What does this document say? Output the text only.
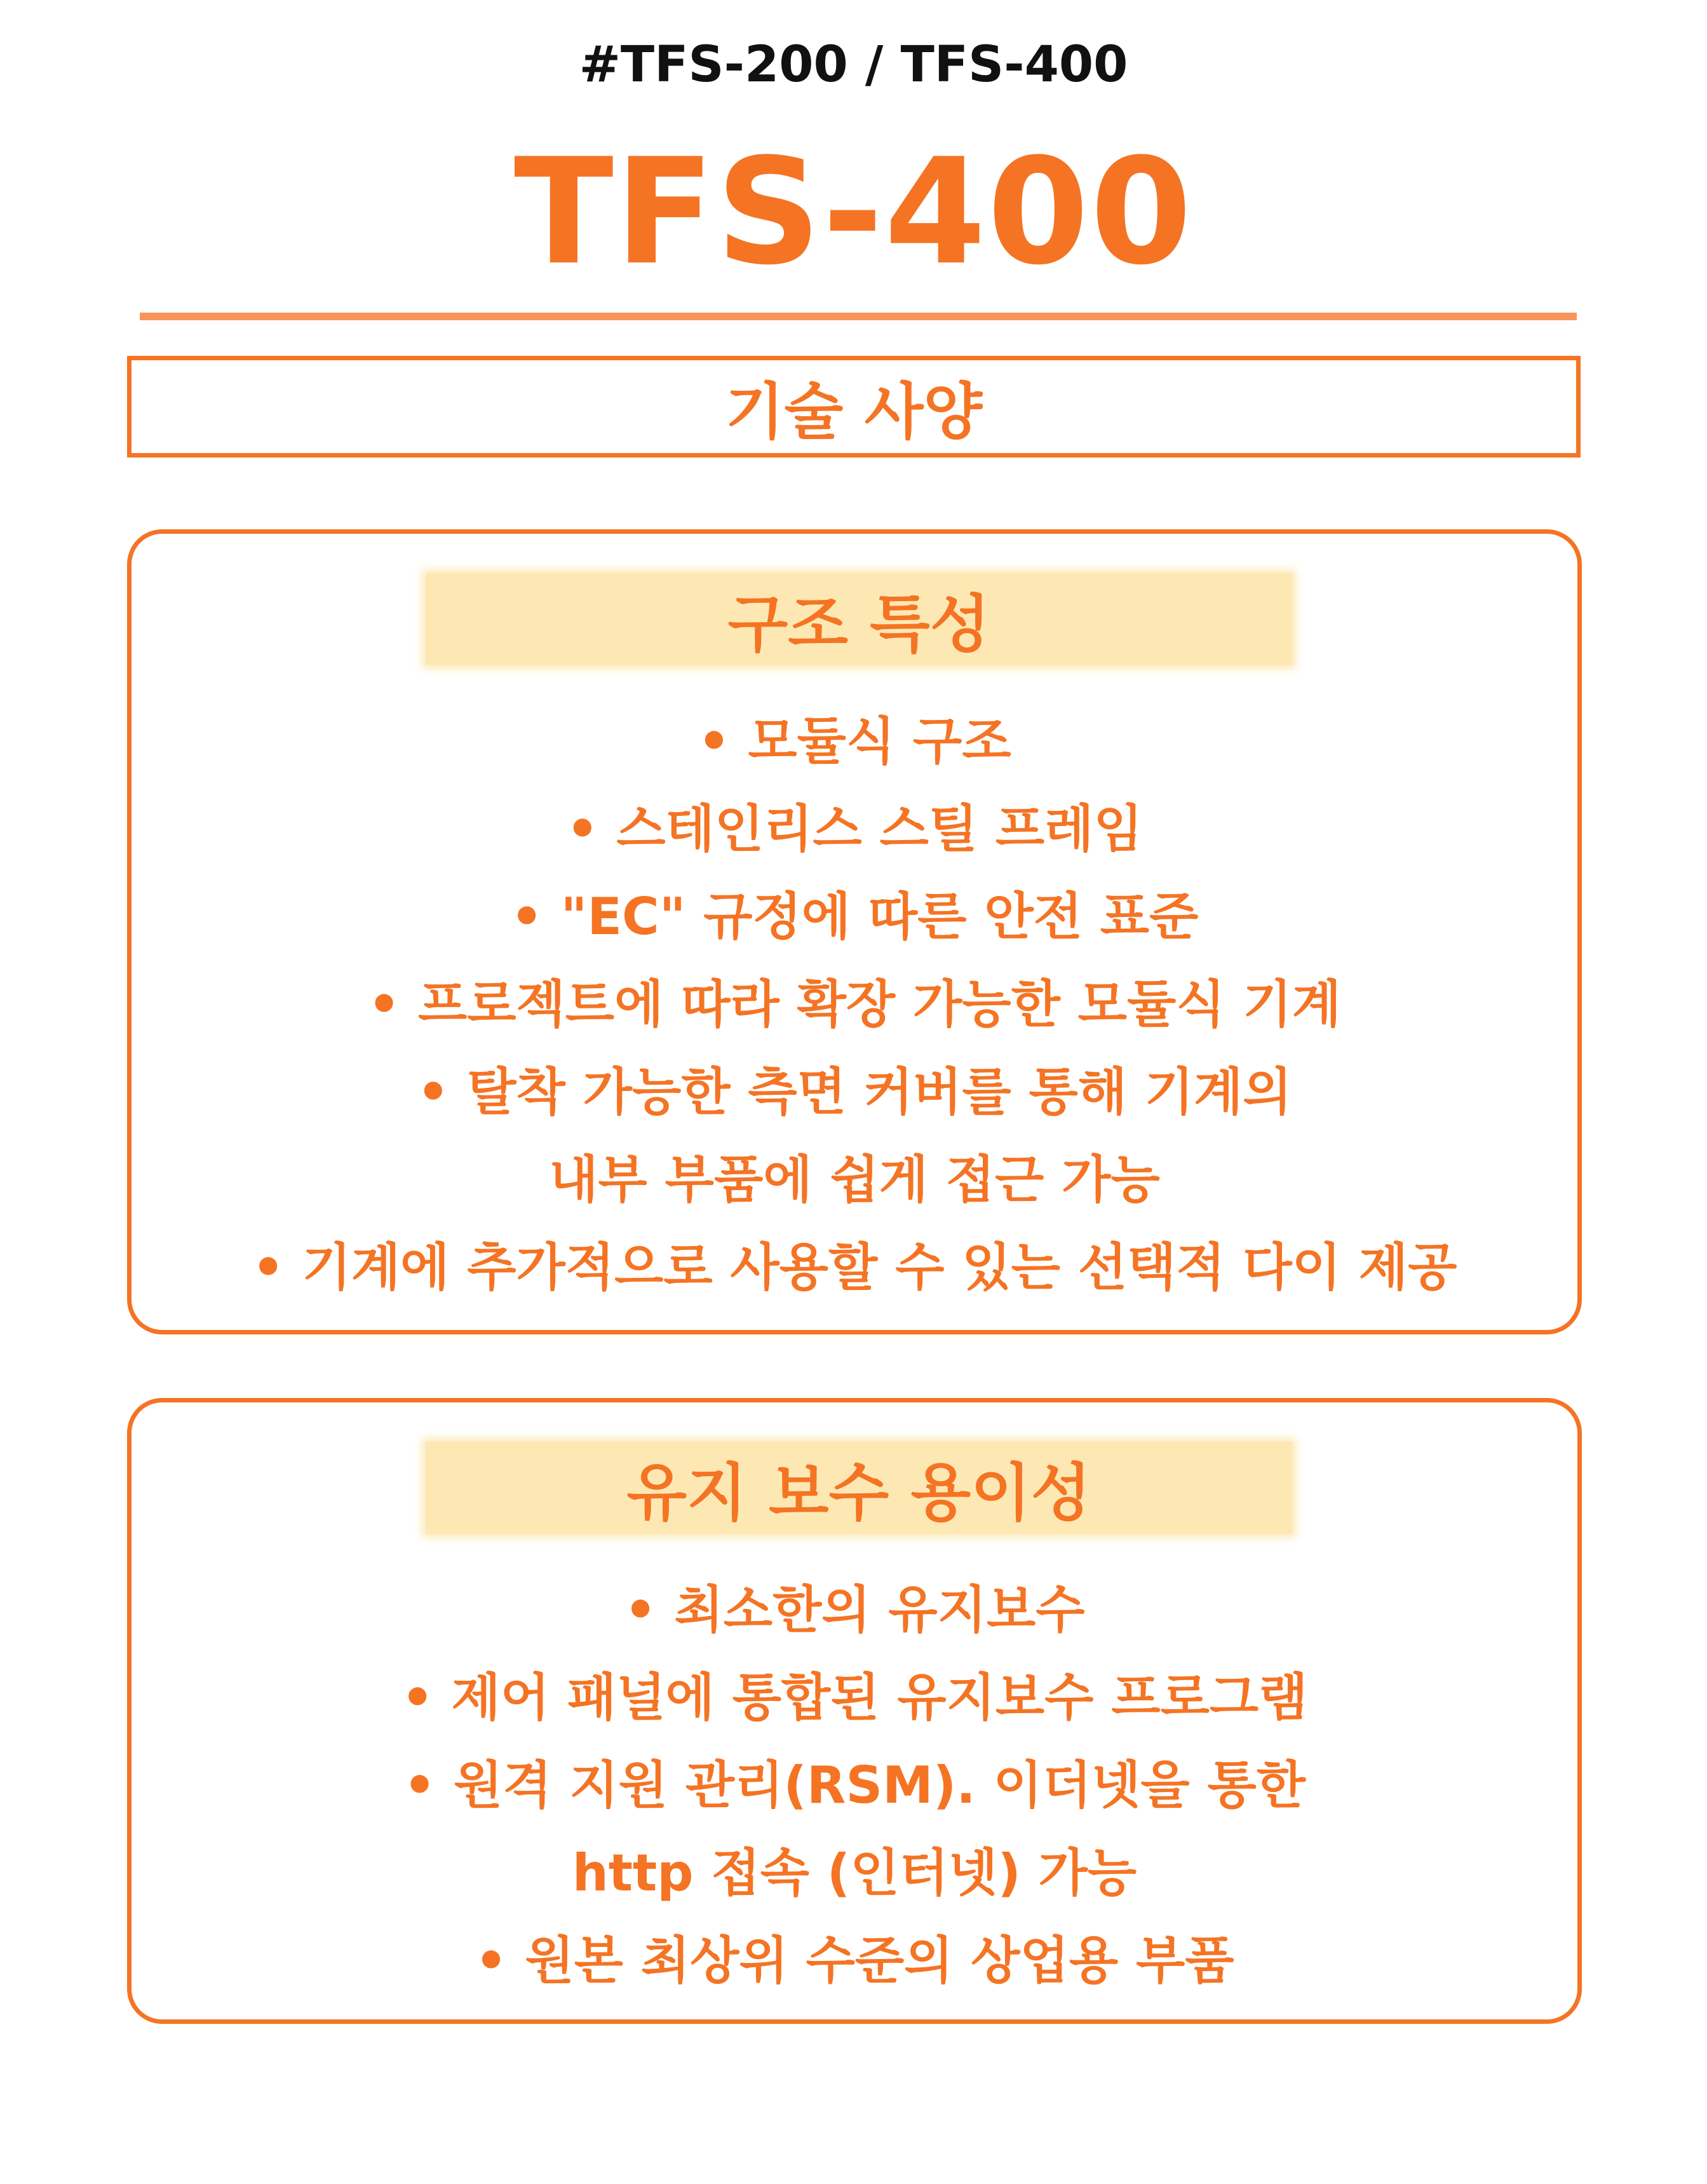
#TFS-200 / TFS-400
TFS-400
기술 사양
구조 특성
• 모듈식 구조
• 스테인리스 스틸 프레임
• "EC" 규정에 따른 안전 표준
• 프로젝트에 따라 확장 가능한 모듈식 기계
• 탈착 가능한 측면 커버를 통해 기계의
내부 부품에 쉽게 접근 가능
• 기계에 추가적으로 사용할 수 있는 선택적 다이 제공
유지 보수 용이성
• 최소한의 유지보수
• 제어 패널에 통합된 유지보수 프로그램
• 원격 지원 관리(RSM). 이더넷을 통한
http 접속 (인터넷) 가능
• 원본 최상위 수준의 상업용 부품
